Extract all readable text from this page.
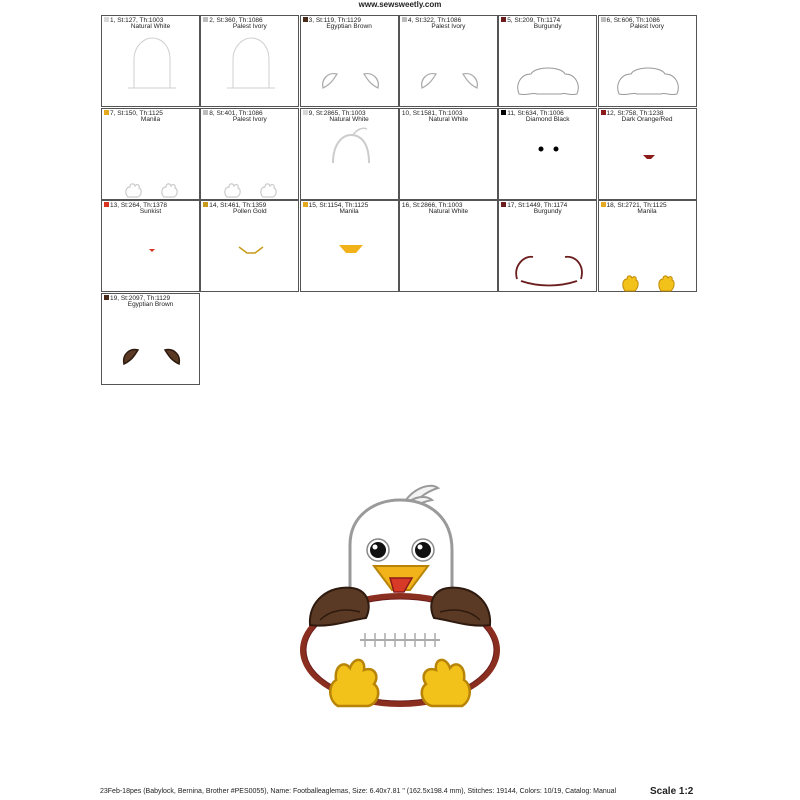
www.sewsweetly.com
1, St:127, Th:1003
Natural White
2, St:360, Th:1086
Palest Ivory
3, St:119, Th:1129
Egyptian Brown
4, St:322, Th:1086
Palest Ivory
5, St:209, Th:1174
Burgundy
6, St:606, Th:1086
Palest Ivory
7, St:150, Th:1125
Manila
8, St:401, Th:1086
Palest Ivory
9, St:2865, Th:1003
Natural White
10, St:1581, Th:1003
Natural White
11, St:634, Th:1006
Diamond Black
12, St:758, Th:1238
Dark Orange/Red
13, St:264, Th:1378
Sunkist
14, St:461, Th:1359
Pollen Gold
15, St:1154, Th:1125
Manila
16, St:2866, Th:1003
Natural White
17, St:1449, Th:1174
Burgundy
18, St:2721, Th:1125
Manila
19, St:2097, Th:1129
Egyptian Brown
23Feb-18pes (Babylock, Bernina, Brother #PES0055), Name: Footballeaglemas, Size: 6.40x7.81 " (162.5x198.4 mm), Stitches: 19144, Colors: 10/19, Catalog: Manual	Scale 1:2
